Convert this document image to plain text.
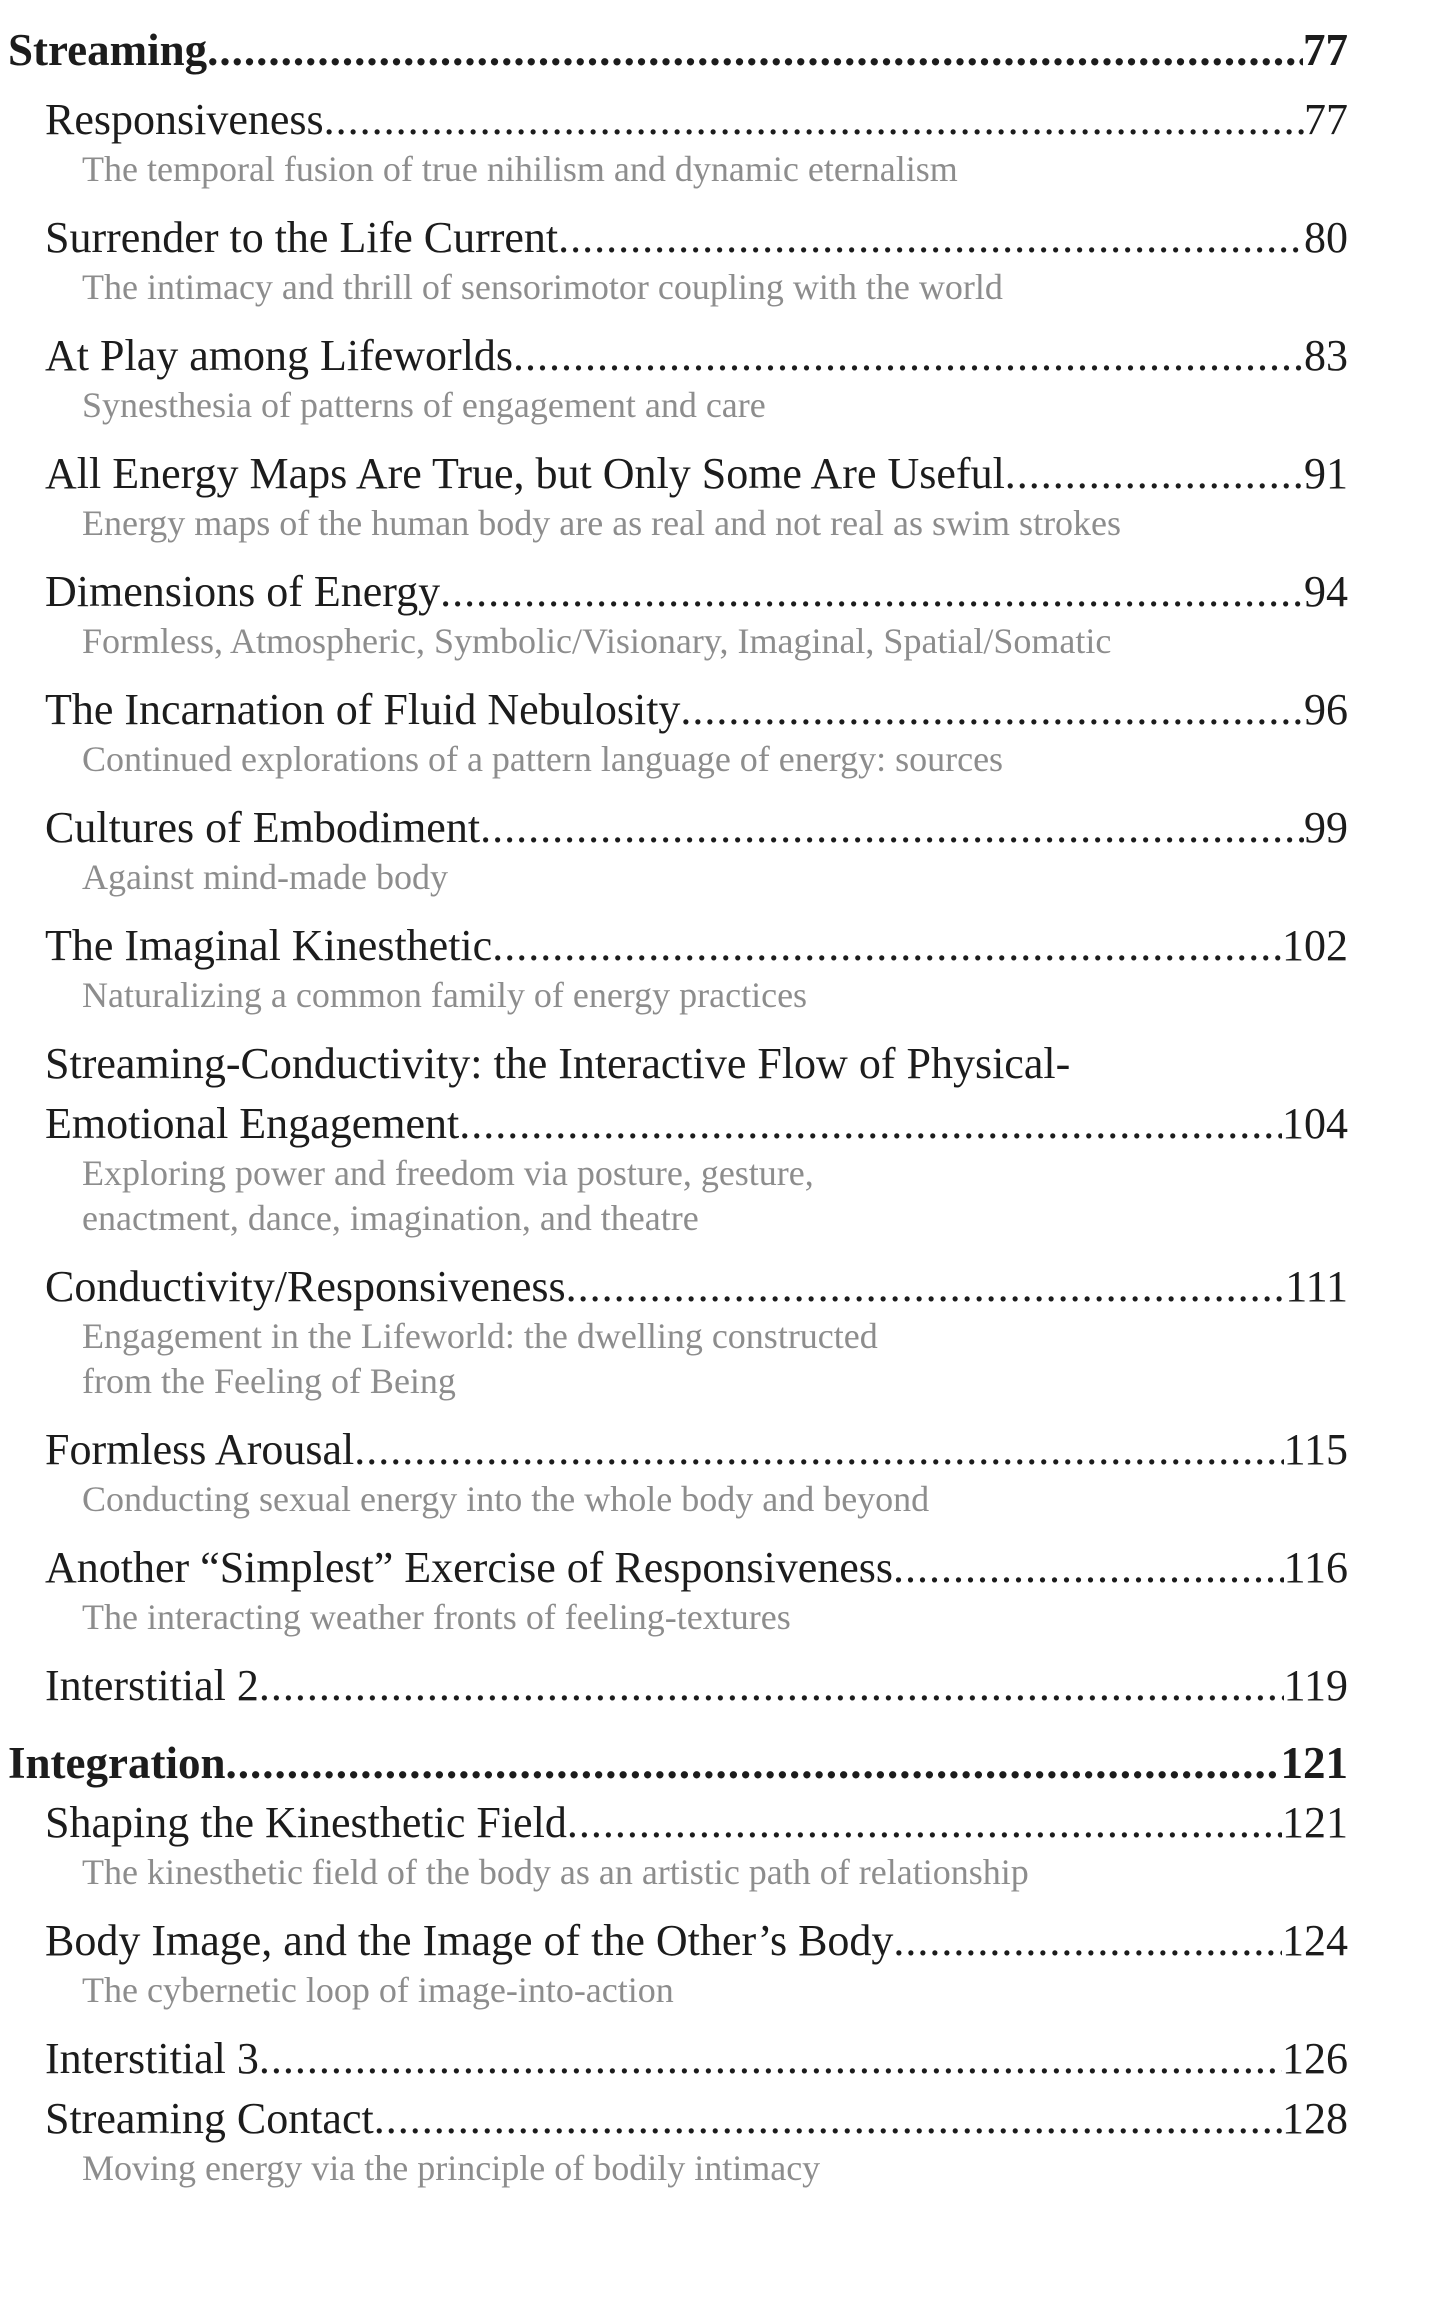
Streaming .....	77
Responsiveness .....	77
The temporal fusion of true nihilism and dynamic eternalism
Surrender to the Life Current .....	80
The intimacy and thrill of sensorimotor coupling with the world
At Play among Lifeworlds .....	83
Synesthesia of patterns of engagement and care
All Energy Maps Are True, but Only Some Are Useful .....	91
Energy maps of the human body are as real and not real as swim strokes
Dimensions of Energy .....	94
Formless, Atmospheric, Symbolic/Visionary, Imaginal, Spatial/Somatic
The Incarnation of Fluid Nebulosity .....	96
Continued explorations of a pattern language of energy: sources
Cultures of Embodiment .....	99
Against mind-made body
The Imaginal Kinesthetic .....	102
Naturalizing a common family of energy practices
Streaming-Conductivity: the Interactive Flow of Physical-
Emotional Engagement .....	104
Exploring power and freedom via posture, gesture,
enactment, dance, imagination, and theatre
Conductivity/Responsiveness .....	111
Engagement in the Lifeworld: the dwelling constructed
from the Feeling of Being
Formless Arousal .....	115
Conducting sexual energy into the whole body and beyond
Another “Simplest” Exercise of Responsiveness .....	116
The interacting weather fronts of feeling-textures
Interstitial 2 .....	119
Integration .....	121
Shaping the Kinesthetic Field .....	121
The kinesthetic field of the body as an artistic path of relationship
Body Image, and the Image of the Other’s Body .....	124
The cybernetic loop of image-into-action
Interstitial 3 .....	126
Streaming Contact .....	128
Moving energy via the principle of bodily intimacy
